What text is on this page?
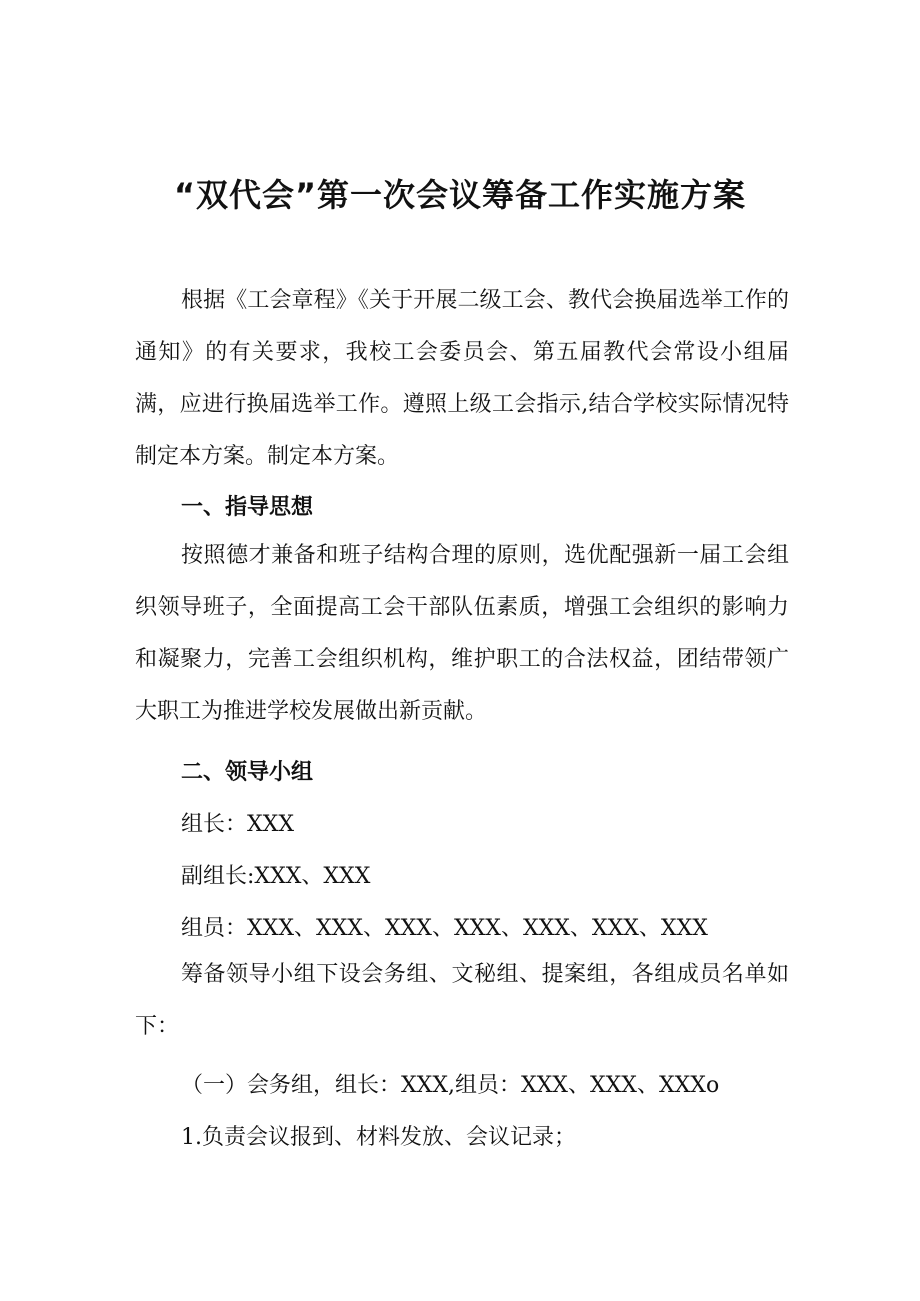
“双代会”第一次会议筹备工作实施方案
根据《工会章程》《关于开展二级工会、教代会换届选举工作的通知》的有关要求，我校工会委员会、第五届教代会常设小组届满，应进行换届选举工作。遵照上级工会指示,结合学校实际情况特制定本方案。制定本方案。
一、指导思想
按照德才兼备和班子结构合理的原则，选优配强新一届工会组织领导班子，全面提高工会干部队伍素质，增强工会组织的影响力和凝聚力，完善工会组织机构，维护职工的合法权益，团结带领广大职工为推进学校发展做出新贡献。
二、领导小组
组长：XXX
副组长:XXX、XXX
组员：XXX、XXX、XXX、XXX、XXX、XXX、XXX
筹备领导小组下设会务组、文秘组、提案组，各组成员名单如下：
（一）会务组，组长：XXX,组员：XXX、XXX、XXXo
1.负责会议报到、材料发放、会议记录；
